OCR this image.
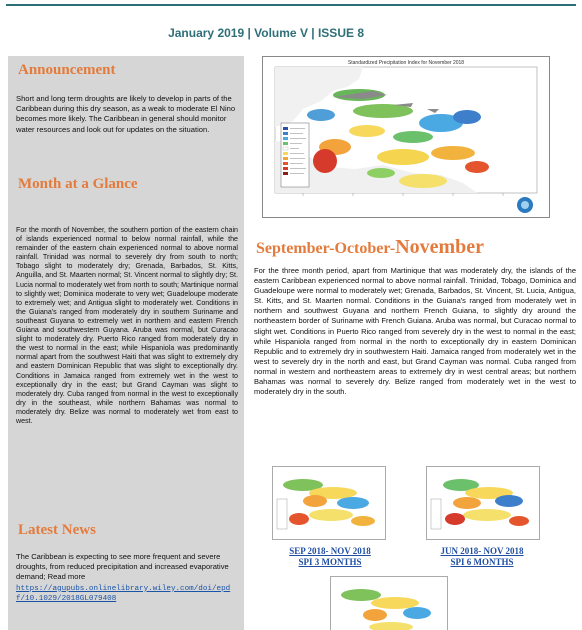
January 2019 | Volume V | ISSUE 8
Announcement
Short and long term droughts are likely to develop in parts of the Caribbean during this dry season, as a weak to moderate El Nino becomes more likely. The Caribbean in general should monitor water resources and look out for updates on the situation.
Month at a Glance
For the month of November, the southern portion of the eastern chain of islands experienced normal to below normal rainfall, while the remainder of the eastern chain experienced normal to above normal rainfall. Trinidad was normal to severely dry from south to north; Tobago slight to moderately dry; Grenada, Barbados, St. Kitts, Anguilla, and St. Maarten normal; St. Vincent normal to slightly dry; St. Lucia normal to moderately wet from north to south; Martinique normal to slightly wet; Dominica moderate to very wet; Guadeloupe moderate to extremely wet; and Antigua slight to moderately wet. Conditions in the Guiana's ranged from moderately dry in southern Suriname and southeast Guyana to extremely wet in northern and eastern French Guiana and southwestern Guyana. Aruba was normal, but Curacao slight to moderately dry. Puerto Rico ranged from moderately dry in the west to normal in the east; while Hispaniola was predominantly normal apart from the southwest Haiti that was slight to extremely dry and eastern Dominican Republic that was slight to exceptionally dry. Conditions in Jamaica ranged from extremely wet in the west to exceptionally dry in the east; but Grand Cayman was slight to moderately dry. Cuba ranged from normal in the west to exceptionally dry in the southeast, while northern Bahamas was normal to moderately dry. Belize was normal to moderately wet from east to west.
Latest News
The Caribbean is expecting to see more frequent and severe droughts, from reduced precipitation and increased evaporative demand; Read more
https://agupubs.onlinelibrary.wiley.com/doi/epdf/10.1029/2018GL079408
Standardized Precipitation Index for November 2018
September-October-November
For the three month period, apart from Martinique that was moderately dry, the islands of the eastern Caribbean experienced normal to above normal rainfall. Trinidad, Tobago, Dominica and Guadeloupe were normal to moderately wet; Grenada, Barbados, St. Vincent, St. Lucia, Antigua, St. Kitts, and St. Maarten normal. Conditions in the Guiana's ranged from moderately wet in northern and southwest Guyana and northern French Guiana, to slightly dry around the northeastern border of Suriname with French Guiana. Aruba was normal, but Curacao normal to slight wet. Conditions in Puerto Rico ranged from severely dry in the west to normal in the east; while Hispaniola ranged from normal in the north to exceptionally dry in eastern Dominican Republic and to extremely dry in southwestern Haiti. Jamaica ranged from moderately wet in the west to severely dry in the north and east, but Grand Cayman was normal. Cuba ranged from normal in western and northeastern areas to extremely dry in west central areas; but northern Bahamas was normal to severely dry. Belize ranged from moderately wet in the west to moderately dry in the south.
SEP 2018- NOV 2018
SPI 3 MONTHS
JUN 2018- NOV 2018
SPI 6 MONTHS
